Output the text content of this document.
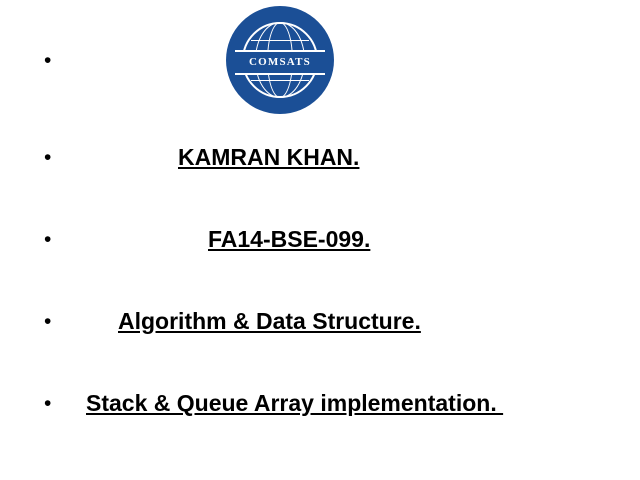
•	COMSATS
•	KAMRAN KHAN.
•	FA14-BSE-099.
•	Algorithm & Data Structure.
•	Stack & Queue Array implementation.
